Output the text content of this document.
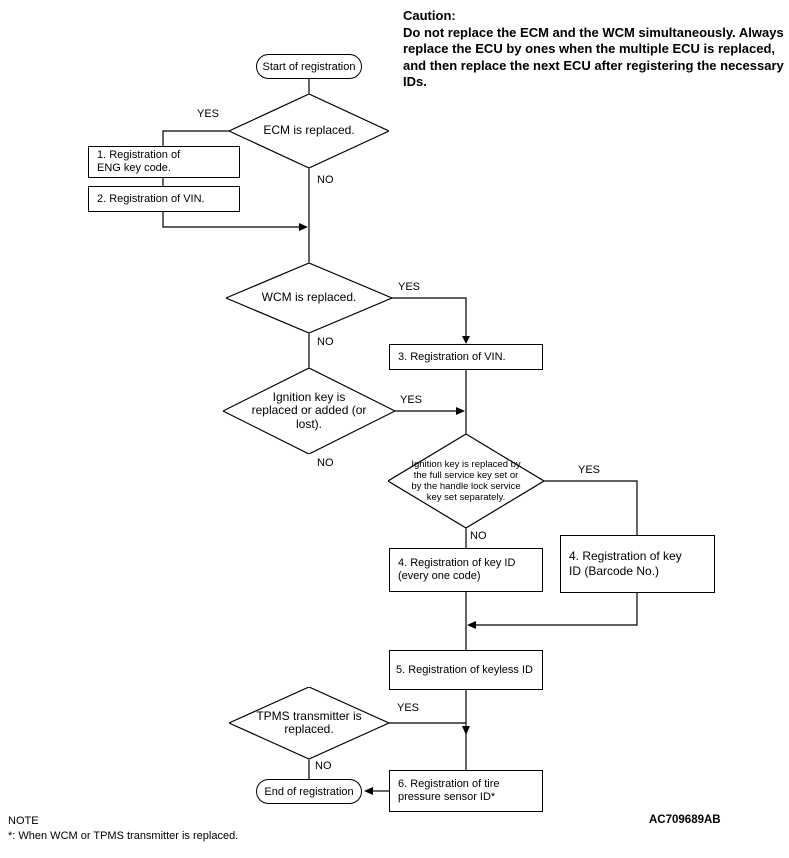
Caution:
Do not replace the ECM and the WCM simultaneously. Always replace the ECU by ones when the multiple ECU is replaced, and then replace the next ECU after registering the necessary IDs.
Start of registration
ECM is replaced.
1. Registration of ENG key code.
2. Registration of VIN.
WCM is replaced.
3. Registration of VIN.
Ignition key is replaced or added (or lost).
Ignition key is replaced by the full service key set or by the handle lock service key set separately.
4. Registration of key ID (every one code)
4. Registration of key ID (Barcode No.)
5. Registration of keyless ID
TPMS transmitter is replaced.
6. Registration of tire pressure sensor ID*
End of registration
YES
NO
YES
NO
YES
NO
YES
NO
YES
NO
NOTE
*: When WCM or TPMS transmitter is replaced.
AC709689AB
